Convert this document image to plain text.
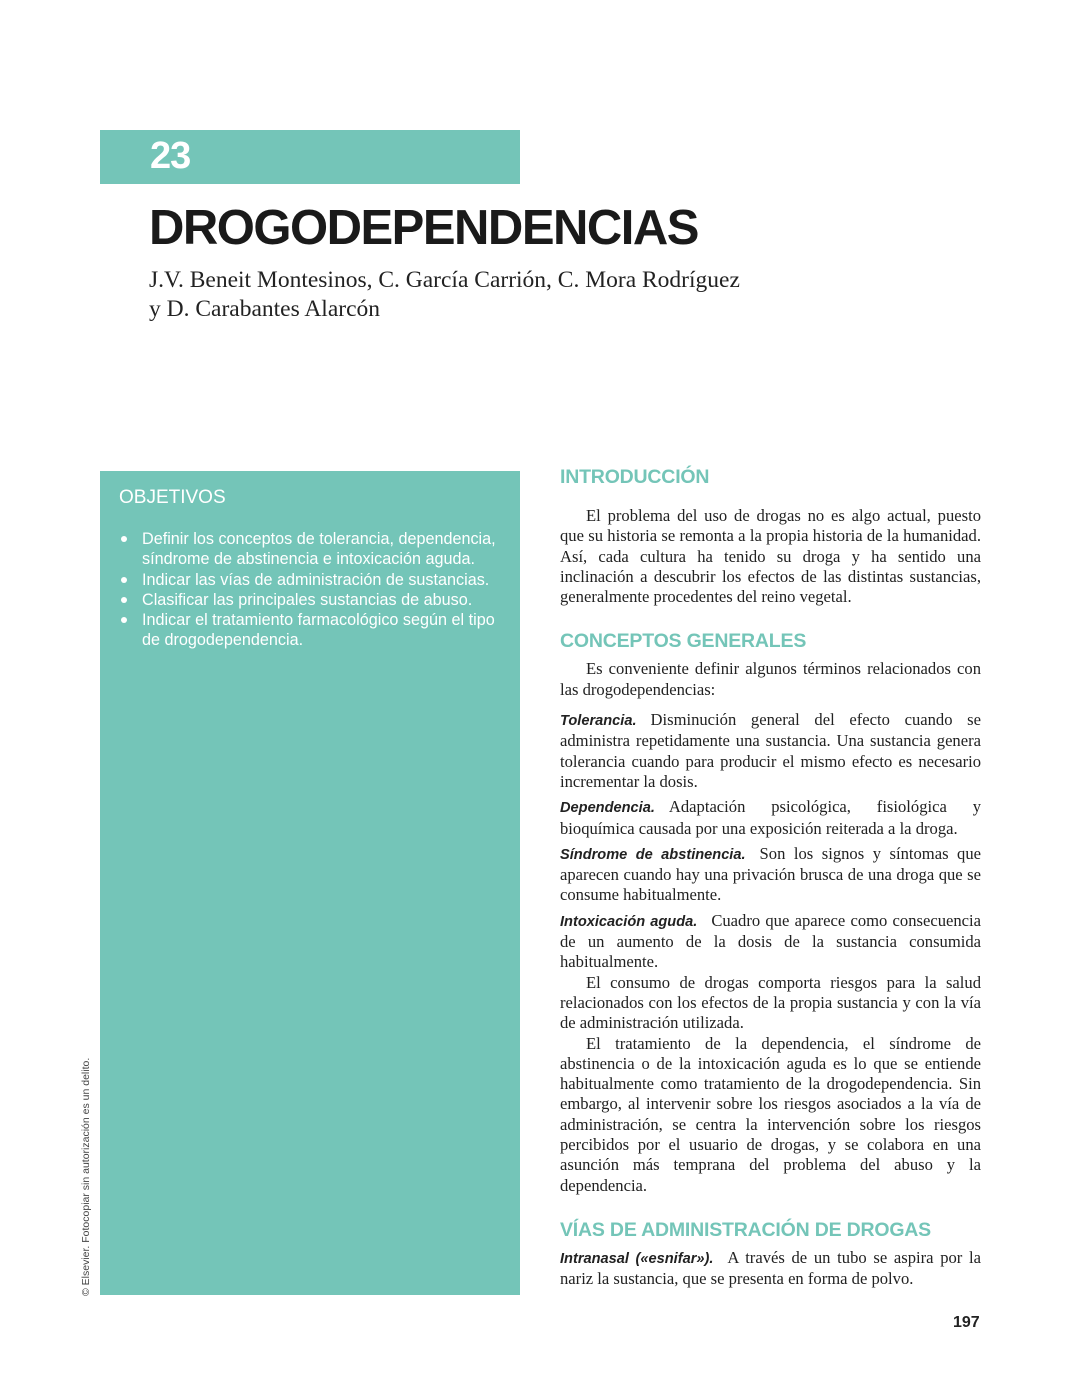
23
DROGODEPENDENCIAS
J.V. Beneit Montesinos, C. García Carrión, C. Mora Rodríguez
y D. Carabantes Alarcón
OBJETIVOS
Definir los conceptos de tolerancia, dependencia, síndrome de abstinencia e intoxicación aguda.
Indicar las vías de administración de sustancias.
Clasificar las principales sustancias de abuso.
Indicar el tratamiento farmacológico según el tipo de drogodependencia.
© Elsevier. Fotocopiar sin autorización es un delito.
INTRODUCCIÓN

El problema del uso de drogas no es algo actual, puesto que su historia se remonta a la propia historia de la humanidad. Así, cada cultura ha tenido su droga y ha sentido una inclinación a descubrir los efectos de las distintas sustancias, generalmente procedentes del reino vegetal.

CONCEPTOS GENERALES

Es conveniente definir algunos términos relacionados con las drogodependencias:

Tolerancia. Disminución general del efecto cuando se administra repetidamente una sustancia. Una sustancia genera tolerancia cuando para producir el mismo efecto es necesario incrementar la dosis.

Dependencia. Adaptación psicológica, fisiológica y bioquímica causada por una exposición reiterada a la droga.

Síndrome de abstinencia. Son los signos y síntomas que aparecen cuando hay una privación brusca de una droga que se consume habitualmente.

Intoxicación aguda. Cuadro que aparece como consecuencia de un aumento de la dosis de la sustancia consumida habitualmente.

El consumo de drogas comporta riesgos para la salud relacionados con los efectos de la propia sustancia y con la vía de administración utilizada.

El tratamiento de la dependencia, el síndrome de abstinencia o de la intoxicación aguda es lo que se entiende habitualmente como tratamiento de la drogodependencia. Sin embargo, al intervenir sobre los riesgos asociados a la vía de administración, se centra la intervención sobre los riesgos percibidos por el usuario de drogas, y se colabora en una asunción más temprana del problema del abuso y la dependencia.

VÍAS DE ADMINISTRACIÓN DE DROGAS

Intranasal («esnifar»). A través de un tubo se aspira por la nariz la sustancia, que se presenta en forma de polvo.

197
